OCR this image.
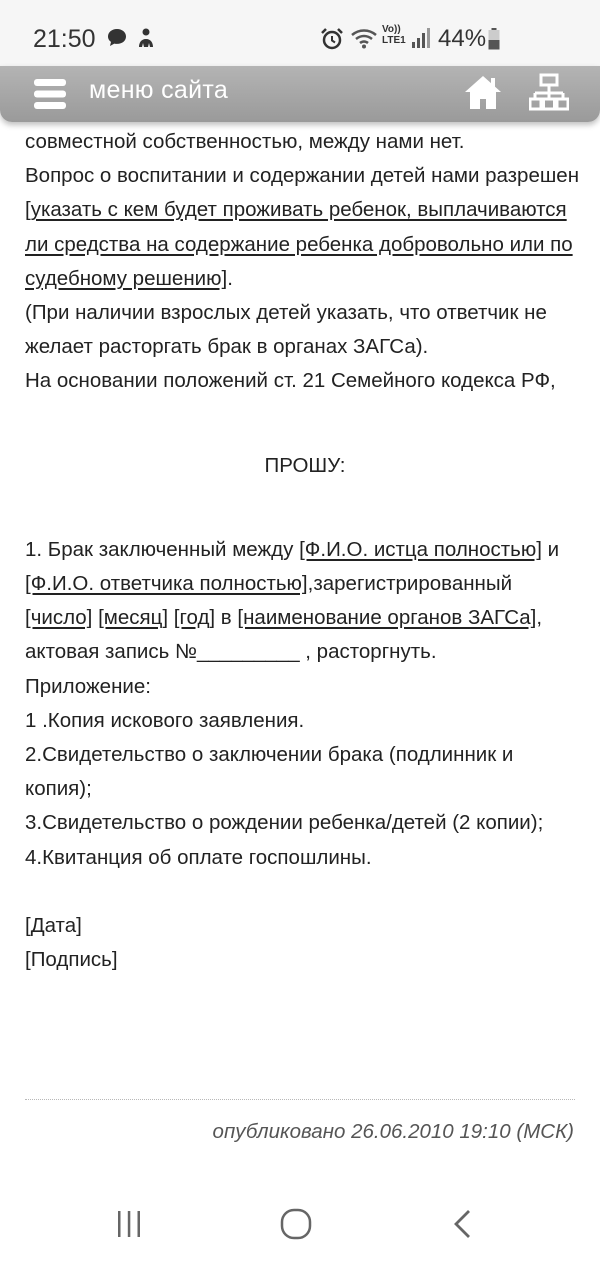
21:50	Vo))
LTE1 44%
меню сайта

совместной собственностью, между нами нет.
Вопрос о воспитании и содержании детей нами разрешен [указать с кем будет проживать ребенок, выплачиваются ли средства на содержание ребенка добровольно или по судебному решению].

(При наличии взрослых детей указать, что ответчик не желает расторгать брак в органах ЗАГСа).

На основании положений ст. 21 Семейного кодекса РФ,

ПРОШУ:

1. Брак заключенный между [Ф.И.О. истца полностью] и [Ф.И.О. ответчика полностью],зарегистрированный [число] [месяц] [год] в [наименование органов ЗАГСа], актовая запись №_________ , расторгнуть.

Приложение:

1 .Копия искового заявления.

2.Свидетельство о заключении брака (подлинник и копия);

3.Свидетельство о рождении ребенка/детей (2 копии);

4.Квитанция об оплате госпошлины.

[Дата]

[Подпись]

опубликовано 26.06.2010 19:10 (МСК)
